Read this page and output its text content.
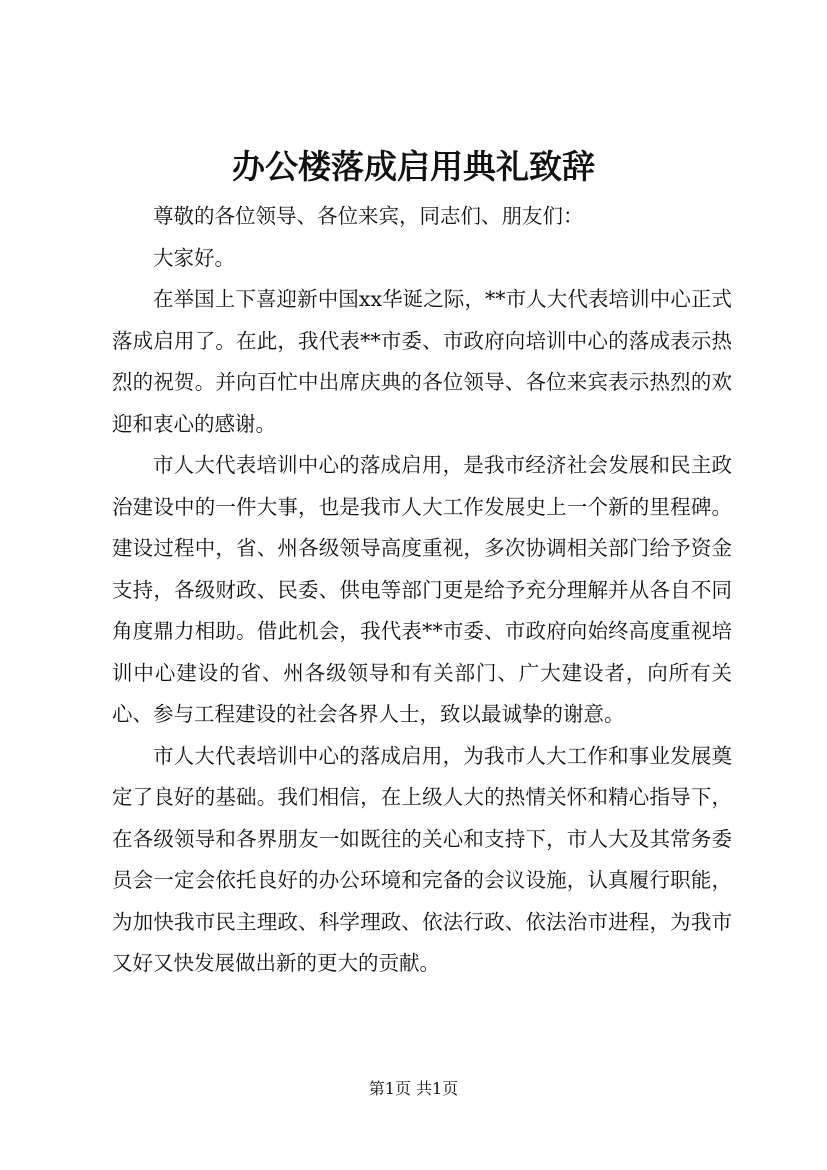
办公楼落成启用典礼致辞

尊敬的各位领导、各位来宾，同志们、朋友们：

大家好。

在举国上下喜迎新中国xx华诞之际，**市人大代表培训中心正式落成启用了。在此，我代表**市委、市政府向培训中心的落成表示热烈的祝贺。并向百忙中出席庆典的各位领导、各位来宾表示热烈的欢迎和衷心的感谢。

市人大代表培训中心的落成启用，是我市经济社会发展和民主政治建设中的一件大事，也是我市人大工作发展史上一个新的里程碑。建设过程中，省、州各级领导高度重视，多次协调相关部门给予资金支持，各级财政、民委、供电等部门更是给予充分理解并从各自不同角度鼎力相助。借此机会，我代表**市委、市政府向始终高度重视培训中心建设的省、州各级领导和有关部门、广大建设者，向所有关心、参与工程建设的社会各界人士，致以最诚挚的谢意。

市人大代表培训中心的落成启用，为我市人大工作和事业发展奠定了良好的基础。我们相信，在上级人大的热情关怀和精心指导下，在各级领导和各界朋友一如既往的关心和支持下，市人大及其常务委员会一定会依托良好的办公环境和完备的会议设施，认真履行职能，为加快我市民主理政、科学理政、依法行政、依法治市进程，为我市又好又快发展做出新的更大的贡献。

第1页 共1页
